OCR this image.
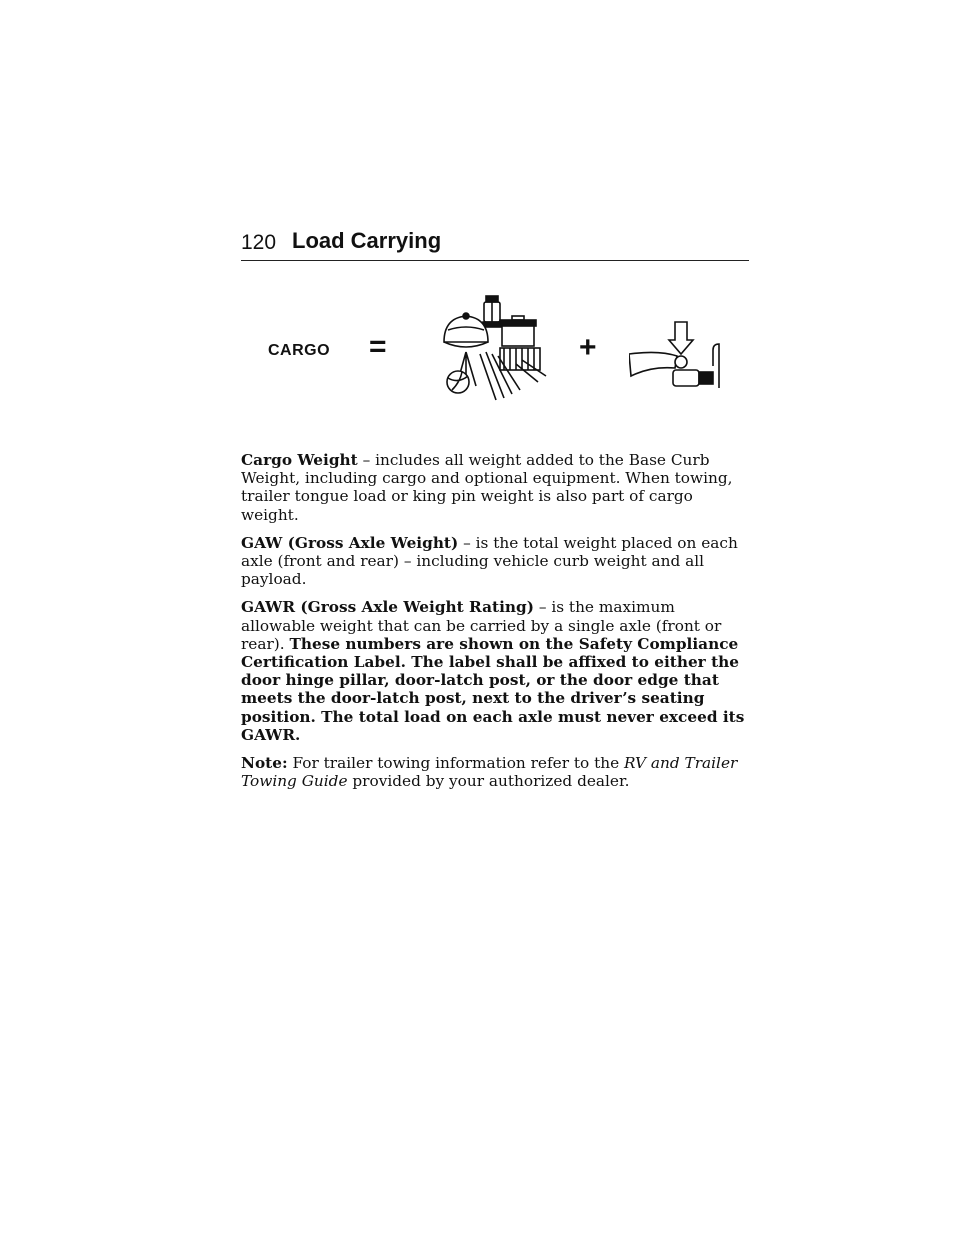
120 Load Carrying
CARGO =	+

Cargo Weight – includes all weight added to the Base Curb Weight, including cargo and optional equipment. When towing, trailer tongue load or king pin weight is also part of cargo weight.

GAW (Gross Axle Weight) – is the total weight placed on each axle (front and rear) – including vehicle curb weight and all payload.

GAWR (Gross Axle Weight Rating) – is the maximum allowable weight that can be carried by a single axle (front or rear). These numbers are shown on the Safety Compliance Certification Label. The label shall be affixed to either the door hinge pillar, door-latch post, or the door edge that meets the door-latch post, next to the driver’s seating position. The total load on each axle must never exceed its GAWR.

Note: For trailer towing information refer to the RV and Trailer Towing Guide provided by your authorized dealer.
